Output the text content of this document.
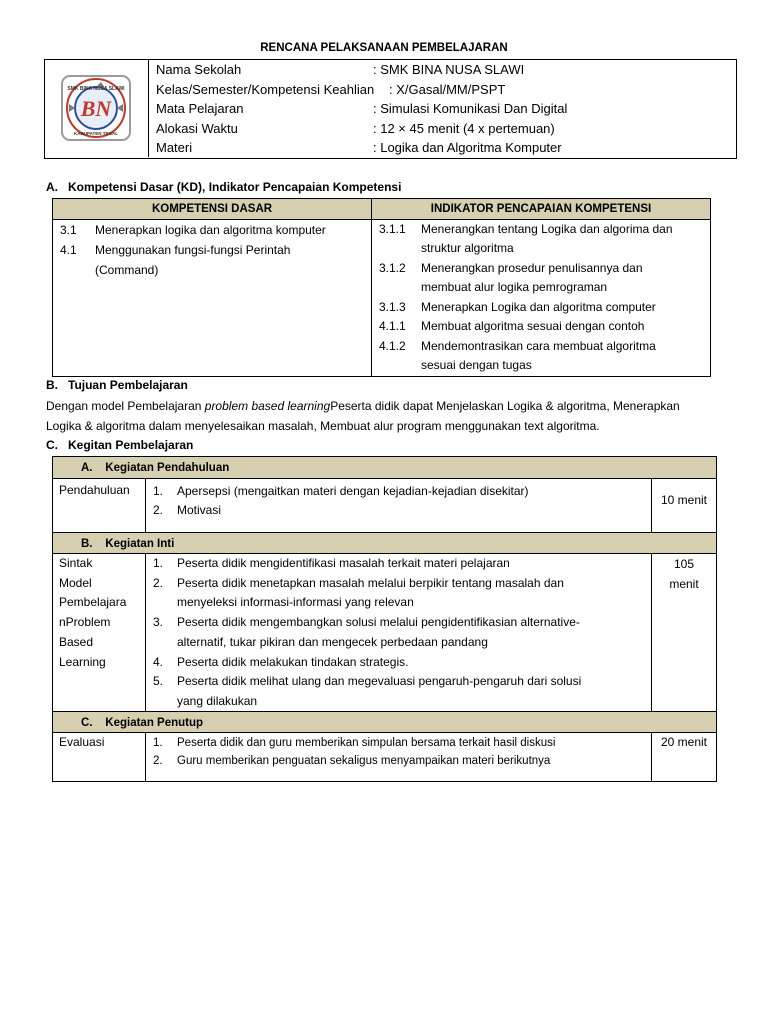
RENCANA PELAKSANAAN PEMBELAJARAN
BN
SMK BINA NUSA SLAWI
KABUPATEN TEGAL
Nama Sekolah	: SMK BINA NUSA SLAWI
Kelas/Semester/Kompetensi Keahlian : X/Gasal/MM/PSPT
Mata Pelajaran	: Simulasi Komunikasi Dan Digital
Alokasi Waktu	: 12 × 45 menit (4 x pertemuan)
Materi	: Logika dan Algoritma Komputer
A. Kompetensi Dasar (KD), Indikator Pencapaian Kompetensi
KOMPETENSI DASAR	INDIKATOR PENCAPAIAN KOMPETENSI
3.1 Menerapkan logika dan algoritma komputer
4.1 Menggunakan fungsi-fungsi Perintah
(Command)
3.1.1 Menerangkan tentang Logika dan algorima dan
struktur algoritma
3.1.2 Menerangkan prosedur penulisannya dan
membuat alur logika pemrograman
3.1.3 Menerapkan Logika dan algoritma computer
4.1.1 Membuat algoritma sesuai dengan contoh
4.1.2 Mendemontrasikan cara membuat algoritma
sesuai dengan tugas
B. Tujuan Pembelajaran
Dengan model Pembelajaran problem based learningPeserta didik dapat Menjelaskan Logika & algoritma, Menerapkan
Logika & algoritma dalam menyelesaikan masalah, Membuat alur program menggunakan text algoritma.
C. Kegitan Pembelajaran
A. Kegiatan Pendahuluan
Pendahuluan 1. Apersepsi (mengaitkan materi dengan kejadian-kejadian disekitar)
2. Motivasi
10 menit
B. Kegiatan Inti
Sintak
Model
Pembelajara
nProblem
Based
Learning
1. Peserta didik mengidentifikasi masalah terkait materi pelajaran
2. Peserta didik menetapkan masalah melalui berpikir tentang masalah dan
menyeleksi informasi-informasi yang relevan
3. Peserta didik mengembangkan solusi melalui pengidentifikasian alternative-
alternatif, tukar pikiran dan mengecek perbedaan pandang
4. Peserta didik melakukan tindakan strategis.
5. Peserta didik melihat ulang dan megevaluasi pengaruh-pengaruh dari solusi
yang dilakukan
105
menit
C. Kegiatan Penutup
Evaluasi	1. Peserta didik dan guru memberikan simpulan bersama terkait hasil diskusi
2. Guru memberikan penguatan sekaligus menyampaikan materi berikutnya
20 menit
